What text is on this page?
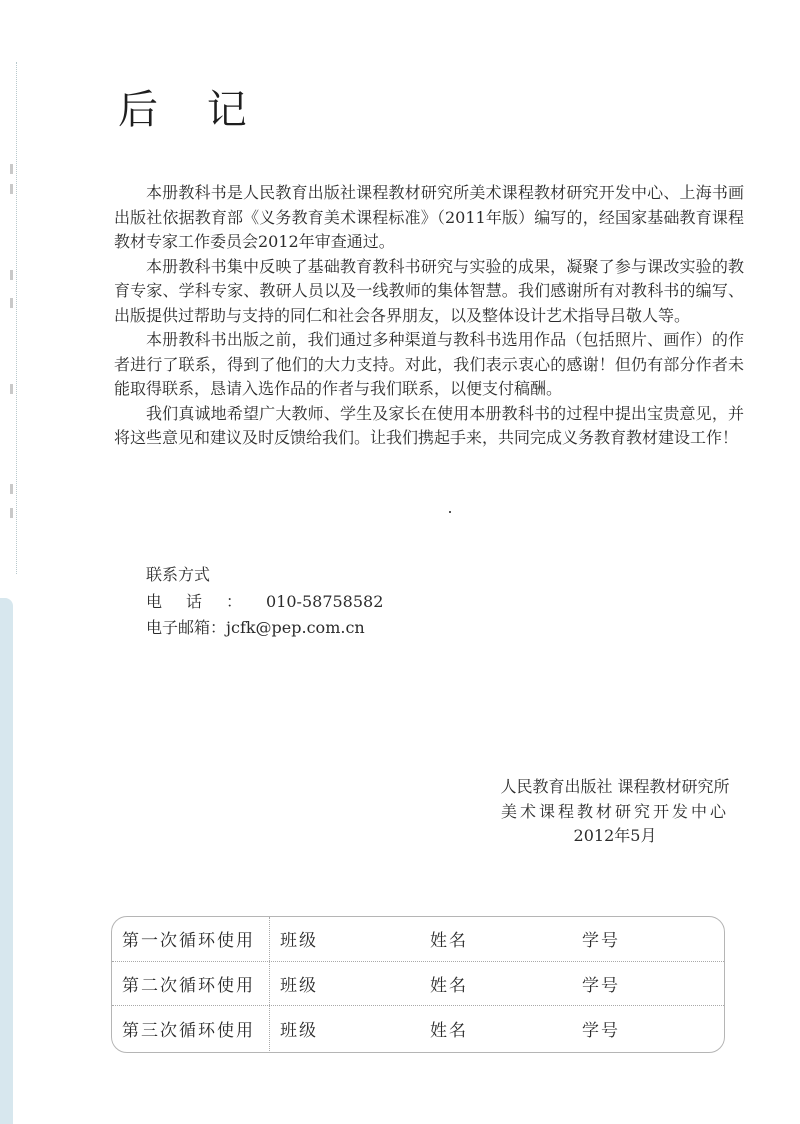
后 记

本册教科书是人民教育出版社课程教材研究所美术课程教材研究开发中心、上海书画出版社依据教育部《义务教育美术课程标准》（2011年版）编写的，经国家基础教育课程教材专家工作委员会2012年审查通过。

本册教科书集中反映了基础教育教科书研究与实验的成果，凝聚了参与课改实验的教育专家、学科专家、教研人员以及一线教师的集体智慧。我们感谢所有对教科书的编写、出版提供过帮助与支持的同仁和社会各界朋友，以及整体设计艺术指导吕敬人等。

本册教科书出版之前，我们通过多种渠道与教科书选用作品（包括照片、画作）的作者进行了联系，得到了他们的大力支持。对此，我们表示衷心的感谢！但仍有部分作者未能取得联系，恳请入选作品的作者与我们联系，以便支付稿酬。

我们真诚地希望广大教师、学生及家长在使用本册教科书的过程中提出宝贵意见，并将这些意见和建议及时反馈给我们。让我们携起手来，共同完成义务教育教材建设工作！

联系方式
电话：010-58758582
电子邮箱：jcfk@pep.com.cn
人民教育出版社 课程教材研究所
美术课程教材研究开发中心
2012年5月
第一次循环使用	班级	姓名	学号
第二次循环使用	班级	姓名	学号
第三次循环使用	班级	姓名	学号
